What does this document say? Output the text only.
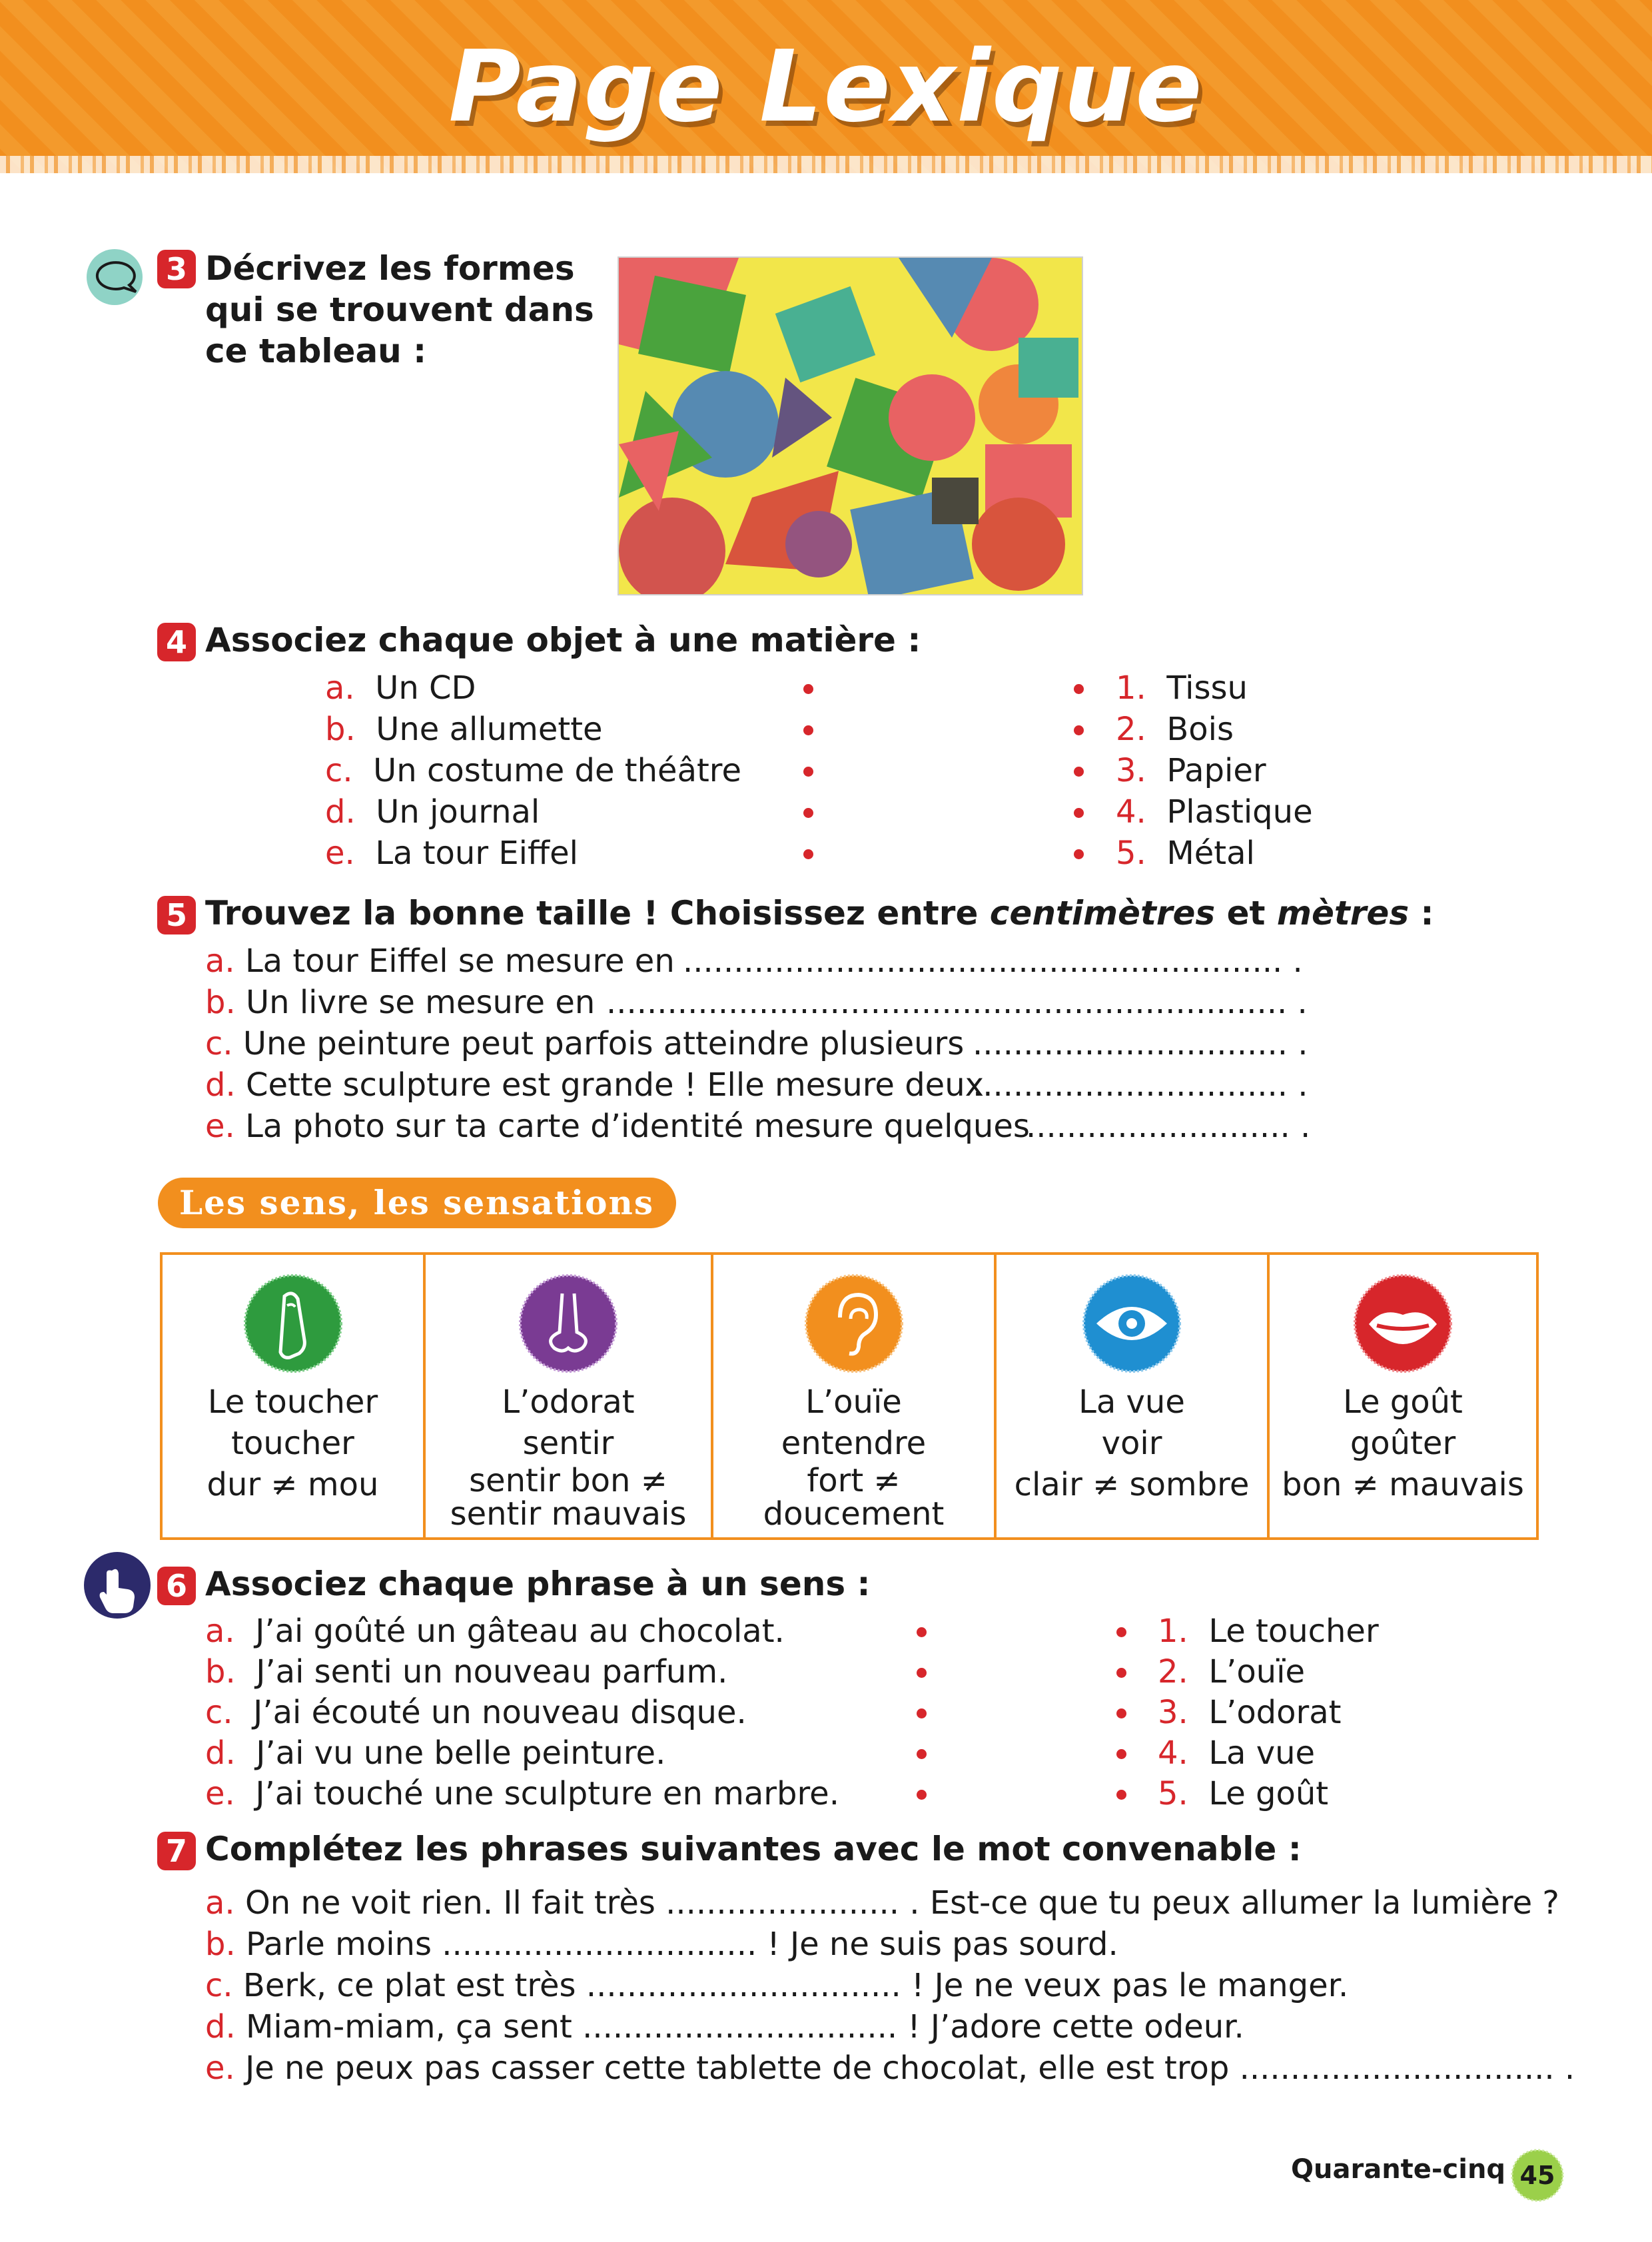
Page Lexique
3 Décrivez les formes
qui se trouvent dans
ce tableau :
4 Associez chaque objet à une matière :
a. Un CD
b. Une allumette
c. Un costume de théâtre
d. Un journal
e. La tour Eiffel
1. Tissu
2. Bois
3. Papier
4. Plastique
5. Métal
5 Trouvez la bonne taille ! Choisissez entre centimètres et mètres :
a. La tour Eiffel se mesure en ........................................................... .
b. Un livre se mesure en ................................................................... .
c. Une peinture peut parfois atteindre plusieurs ............................... .
d. Cette sculpture est grande ! Elle mesure deux
............................... .
e. La photo sur ta carte d’identité mesure quelques
.......................... .
Les sens, les sensations
Le toucher
toucher
dur ≠ mou
L’odorat
sentir
sentir bon ≠
sentir mauvais
L’ouïe
entendre
fort ≠
doucement
La vue
voir
clair ≠ sombre
Le goût
goûter
bon ≠ mauvais
6 Associez chaque phrase à un sens :
a. J’ai goûté un gâteau au chocolat.
b. J’ai senti un nouveau parfum.
c. J’ai écouté un nouveau disque.
d. J’ai vu une belle peinture.
e. J’ai touché une sculpture en marbre.
1. Le toucher
2. L’ouïe
3. L’odorat
4. La vue
5. Le goût
7 Complétez les phrases suivantes avec le mot convenable :
a. On ne voit rien. Il fait très ....................... . Est-ce que tu peux allumer la lumière ?
b. Parle moins ............................... ! Je ne suis pas sourd.
c. Berk, ce plat est très ............................... ! Je ne veux pas le manger.
d. Miam-miam, ça sent ............................... ! J’adore cette odeur.
e. Je ne peux pas casser cette tablette de chocolat, elle est trop ............................... .
Quarante-cinq 45
